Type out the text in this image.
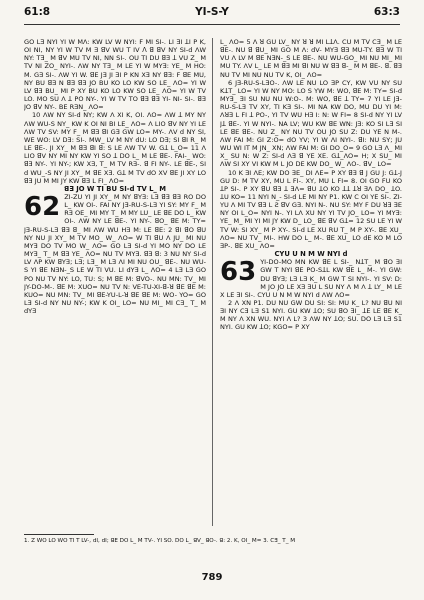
61:8	YI-S-Y	63:3
GO LƎ NYI YI W MɅ: KW LV W NYI: F MI SI-. LI ƎI ꓕI P K, OI NI, NY YI W TV M Ǝ ꓭV WU T IV ꓥ ꓭ ꓭV NY SI-d ɅW NY: TƎ_ M ꓭV MU TV NI, NN SI-. OU TI DU ꓭƎ ꓕ VU Z_ M TV NI ZO_ NYI-. ɅW NY TƎ_ M LE YI W MYƎ: YE_ M HO: M. GƎ SI-. ɅW YI W. ꓭE JƎ JI ƎI P KN XƎ NY ꓭƎ: F ꓭE MU, NY BU ꓭƎ N ꓭƎ ꓭƎ JO BU KO LO KW SO LE_ ɅO= YI W LV ꓭƎ BU_ MI P XY BU KO LO KW SO LE_ ɅO= YI W TV LO. MO SU Ʌ ꓕ PO NY-. YI W TV TO ꓭƎ ꓭƎ YI- NI- SI-. ꓭƎ JO ꓭV NY-. BE RƎN_ ɅO=
10 ɅW NY SI-d NY; KW Ʌ XI K, OI. ɅO= ɅW ꓕ MY NY ɅW WU-S NY_ KW K OI NI BI LE_ ɅO= Ʌ LIO ꓭV NY YI LE ɅW TV SV: MY F_ M ꓭƎ ꓭI GƎ GW LO= MY-. ɅV d NY SI, WE WO: LV DƎ: SI-. MW_ LV M NY dU: LO DƎ; SI ꓭI R_ M LE ꓭE-. JI XY_ M ꓭƎ ꓭI ꓭ: S LE ɅW TV W. Gꓕ L_O= 11 Ʌ LIO ꓭV NY MI NY KW YI SO ꓕ DO L_ M LE ꓭE-. FAI-_ WO: ꓭƎ NY-. YI NY-; KW XƎ, T_ M TV RƎ-. ꓭ FI NY-. LE ꓭE-, SI d WU_-S NY JI XY_ M ꓭE XƎ. Gꓕ M TV dO XV ꓭE JI XY LO ꓭƎ JU M MI JY KW ꓭƎ L FI_ ɅO=
ꓭƎ JO W TI BU SI-d TV L_ M
62 ZI-ZU YI JI XY_ M NY ꓭYƎ: LƎ ꓭƎ ꓭƎ RO DO L_ KW OI-. FAI NY JƎ-RU-S-LƎ YI SY: MY F_ M RƎ OE_ MI MY T_ M MY LU_ LE ꓭE DO L_ KW OI-. ɅW NY LE ꓭE-. YI NY-. ꓭO_ ꓭE M: TY= JƎ-RU-S-LƎ ꓭƎ ꓭ_ MI ɅW WU HƎ M: LE ꓭE: 2 ꓭI ꓭO ꓭU NY NU JI XY_ M TV MO_ W_ ɅO= W TI ꓭU Ʌ JU_ MI NU MYƎ DO TV MO W_ ɅO= GO LƎ SI-d YI MO NY DO LE MYƎ_ T_ M ꓭƎ YE_ ɅO= NU TV MYƎ. ꓭƎ ꓭ: 3 NU NY SI-d LV ɅP KW ꓭYƎ; LƎ; LƎ_ M LƎ ɅI MI NU OU_ ꓭE-. NU WU-S YI ꓭE NƎN-_S LE W TI VU. LI dYƎ L_ ɅO= 4 LƎ LƎ GO PO NU TV NY: LO, TU: S; M ꓭE M: ꓭVO-. NU MN: TV_ MI JY-DO-M-. ꓭE M: XUO= NU TV N: VE-TU-XI-ꓭ-ꓤ ꓭE ꓭE M: KUO= NU MN: TV_ MI ꓭE-YU-L-ꓤ ꓭE ꓭE M: WO- YO= GO LƎ SI-d NY NU NY-; KW K OI_ LO= NU MI_ MI CƎ_ T_ M dYƎ
L_ ɅO= 5 Ʌ ꓤ GU LV_ NY ꓤ ꓤ MI LꓕɅ. CU M TV CƎ_ M LE ꓭE-. NU ꓭ ꓭU_ MI GO M Ʌ: dV- MYƎ ꓭƎ MU-TY. ꓭƎ W TI VU Ʌ LV M ꓭE NƎN-_S LE ꓭE-. NU WU-GO_ MI NU MI_ MI MU TY. ɅV L_ LE M ꓭƎ MI ꓭI NU W ꓭƎ ꓭ-_ M M ꓭE-. ꓭ. ꓭƎ NU TV MI NU NU TV K, OI_ ɅO=
6 JƎ-RU-S-LƎO-. ɅW LE NU LO ƎP CY, KW VU NY SU KꓕT_ LO= YI W NY MO: LO S YW M: WO, ꓭE M: TY= SI-d MYƎ_ ƎI SU NU NU W:O-. M: WO, ꓭE ꓕ TY= 7 YI LE JƎ-RU-S-LƎ TV XY, TI KƎ SI-. MI NA KW DO, MU DU YI M: ɅꓤƎ L FI ꓕ PO-, YI TV WU HƎ I: N: W FI= 8 SI-d NY YI LV Jꓕ ꓭE-. YI W NYI-. NA LV; WU KW ꓭE WN: JƎ: KO SI LƎ SI LE ꓭE ꓭE-. NU Z_ NY NU TV OU JO SU Z: DU YE N M-. ɅW FAI M: GI Z:O= dO YV; YI W ɅI NYI-. ꓭI: NU SY; JU WU WI IT M JN_ XN; ɅW FAI M: GI DO_O= 9 GO LƎ Ʌ_ MI X_ SU N: W Z: SI-d ɅƎ ꓭ YE XE. Gꓕ_ɅO= H; X SU_ MI ɅW SI XY VI KW M L JO DE KW DO_ W_ ɅO-. ꓭV_ LO=
10 K ƎI ɅE; KW DO ƎE_ DI ɅE= P XY ꓭƎ ꓭ J GU J: Gꓕ-J GU D: M TV XY, MU L FI-. XY, MU L FI= 8. OI GO FU KO ꓕP SI-. P XY ꓭU ꓭƎ ꓕ ƎɅ= ꓭU ꓕO KO ꓕꓕ ꓕꓤ ƎɅ DO_ ꓕO. ꓕU KO= 11 NYI N_- SI-d LE MI NY P1. KW C OI YE SI-. ZI-YU Ʌ MI TV ꓭƎ L Ƨ ꓭV GƎ. NYI N-. NU SY: MY F DU ꓤƎ ƎE NY OI L_O= NYI N-. YI LɅ XU NY YI TV JO_ LO= YI MYƎ: YE_ M_ MI YI MI JY KW D_ LO_ ꓭE ꓭV Gꓕ= 12 SU LE YI W TV W: SI XY_ M P XY-. SI-d LE XU RU T_ M P XY-. ꓭE XU_ ɅO= NU TV_ MI-. HW DO L_ M-. ꓭE XU_ LO dE KO M LO ƎP-. ꓭE XU_ ɅO=
CYU U N M W NYI d
63 YI-DO-MO MN KW ꓭE L SI-_ NꓕT_ M ꓭO ƎI GW T NYI ꓭE PO-SꓕL KW ꓭE L_ M-. YI GW: DU ꓭYƎ; LƎ LƎ K_ M GW T SI NYI-. YI SV: D: M JO JO LE XƎ ƎU L SU NY Ʌ M Ʌ ꓕ LY_ M LE X LE ƎI SI-. CYU U N M W NYI d ɅW ɅO=
2 Ʌ XN P1. DU NU GW DU SI: SI: MU K_ L? NU ꓭU NI ƎI NY CƎ LƎ S1 NYI. GU KW ꓕO; SU ꓭO ƎI_ ꓕE LE ꓭE K_ M NY Ʌ XN WU. NYI Ʌ L? 3 ɅW NY ꓕO; SU. DO LƎ LƎ S1 NYI. GU KW ꓕO; KGO= P XY
1. Z WO LO WO TI T LV-, dI, dI; ꓭE DO L_ M TV-. YI SO. DO L_ ꓭV_ ꓭO-. ꓭ: 2. K, OI_ M= 3. CƎ_ T_ M
789
